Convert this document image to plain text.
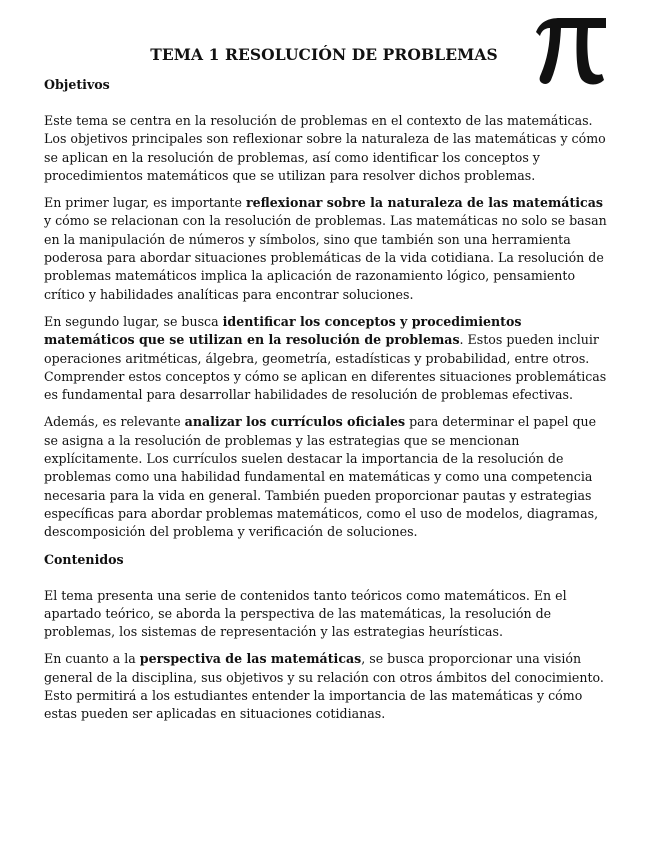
TEMA 1 RESOLUCIÓN DE PROBLEMAS
Objetivos

Este tema se centra en la resolución de problemas en el contexto de las matemáticas. Los objetivos principales son reflexionar sobre la naturaleza de las matemáticas y cómo se aplican en la resolución de problemas, así como identificar los conceptos y procedimientos matemáticos que se utilizan para resolver dichos problemas.

En primer lugar, es importante reflexionar sobre la naturaleza de las matemáticas y cómo se relacionan con la resolución de problemas. Las matemáticas no solo se basan en la manipulación de números y símbolos, sino que también son una herramienta poderosa para abordar situaciones problemáticas de la vida cotidiana. La resolución de problemas matemáticos implica la aplicación de razonamiento lógico, pensamiento crítico y habilidades analíticas para encontrar soluciones.

En segundo lugar, se busca identificar los conceptos y procedimientos matemáticos que se utilizan en la resolución de problemas. Estos pueden incluir operaciones aritméticas, álgebra, geometría, estadísticas y probabilidad, entre otros. Comprender estos conceptos y cómo se aplican en diferentes situaciones problemáticas es fundamental para desarrollar habilidades de resolución de problemas efectivas.

Además, es relevante analizar los currículos oficiales para determinar el papel que se asigna a la resolución de problemas y las estrategias que se mencionan explícitamente. Los currículos suelen destacar la importancia de la resolución de problemas como una habilidad fundamental en matemáticas y como una competencia necesaria para la vida en general. También pueden proporcionar pautas y estrategias específicas para abordar problemas matemáticos, como el uso de modelos, diagramas, descomposición del problema y verificación de soluciones.

Contenidos

El tema presenta una serie de contenidos tanto teóricos como matemáticos. En el apartado teórico, se aborda la perspectiva de las matemáticas, la resolución de problemas, los sistemas de representación y las estrategias heurísticas.

En cuanto a la perspectiva de las matemáticas, se busca proporcionar una visión general de la disciplina, sus objetivos y su relación con otros ámbitos del conocimiento. Esto permitirá a los estudiantes entender la importancia de las matemáticas y cómo estas pueden ser aplicadas en situaciones cotidianas.
